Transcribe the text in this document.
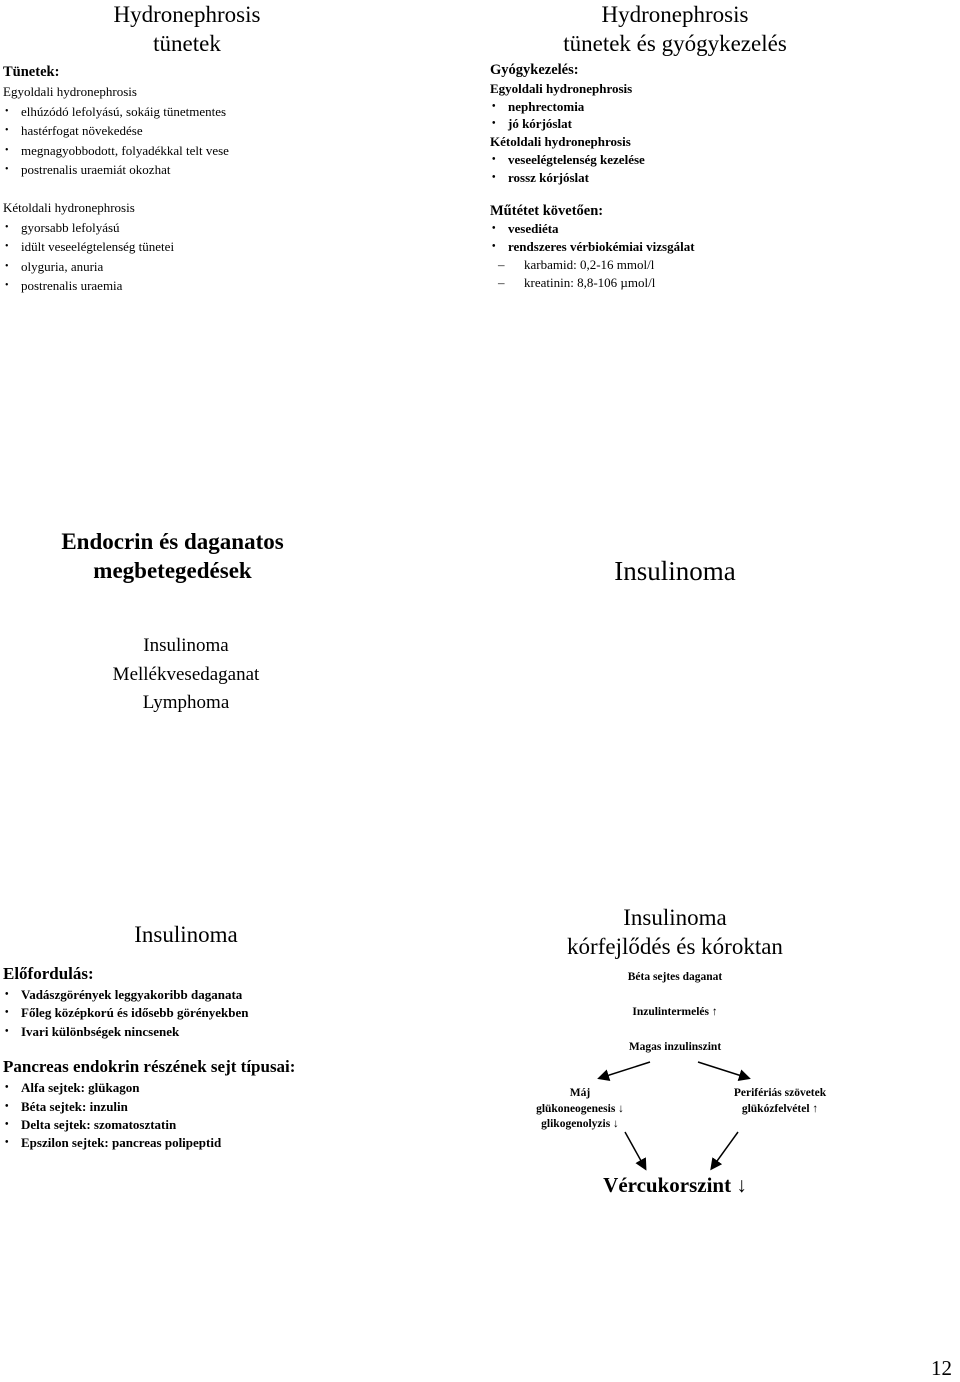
Hydronephrosis
tünetek
Tünetek:
Egyoldali hydronephrosis
• elhúzódó lefolyású, sokáig tünetmentes
• hastérfogat növekedése
• megnagyobbodott, folyadékkal telt vese
• postrenalis uraemiát okozhat
Kétoldali hydronephrosis
• gyorsabb lefolyású
• idült veseelégtelenség tünetei
• olyguria, anuria
• postrenalis uraemia
Hydronephrosis
tünetek és gyógykezelés
Gyógykezelés:
Egyoldali hydronephrosis
• nephrectomia
• jó kórjóslat
Kétoldali hydronephrosis
• veseelégtelenség kezelése
• rossz kórjóslat
Műtétet követően:
• vesediéta
• rendszeres vérbiokémiai vizsgálat
– karbamid: 0,2-16 mmol/l
– kreatinin: 8,8-106 µmol/l
Endocrin és daganatos
megbetegedések
Insulinoma
Mellékvesedaganat
Lymphoma
Insulinoma
Insulinoma
Előfordulás:
• Vadászgörények leggyakoribb daganata
• Főleg középkorú és idősebb görényekben
• Ivari különbségek nincsenek
Pancreas endokrin részének sejt típusai:
• Alfa sejtek: glükagon
• Béta sejtek: inzulin
• Delta sejtek: szomatosztatin
• Epszilon sejtek: pancreas polipeptid
Insulinoma
kórfejlődés és kóroktan
Béta sejtes daganat
Inzulintermelés ↑
Magas inzulinszint
Máj
glükoneogenesis ↓
glikogenolyzis ↓
Perifériás szövetek
glükózfelvétel ↑
Vércukorszint ↓
12
